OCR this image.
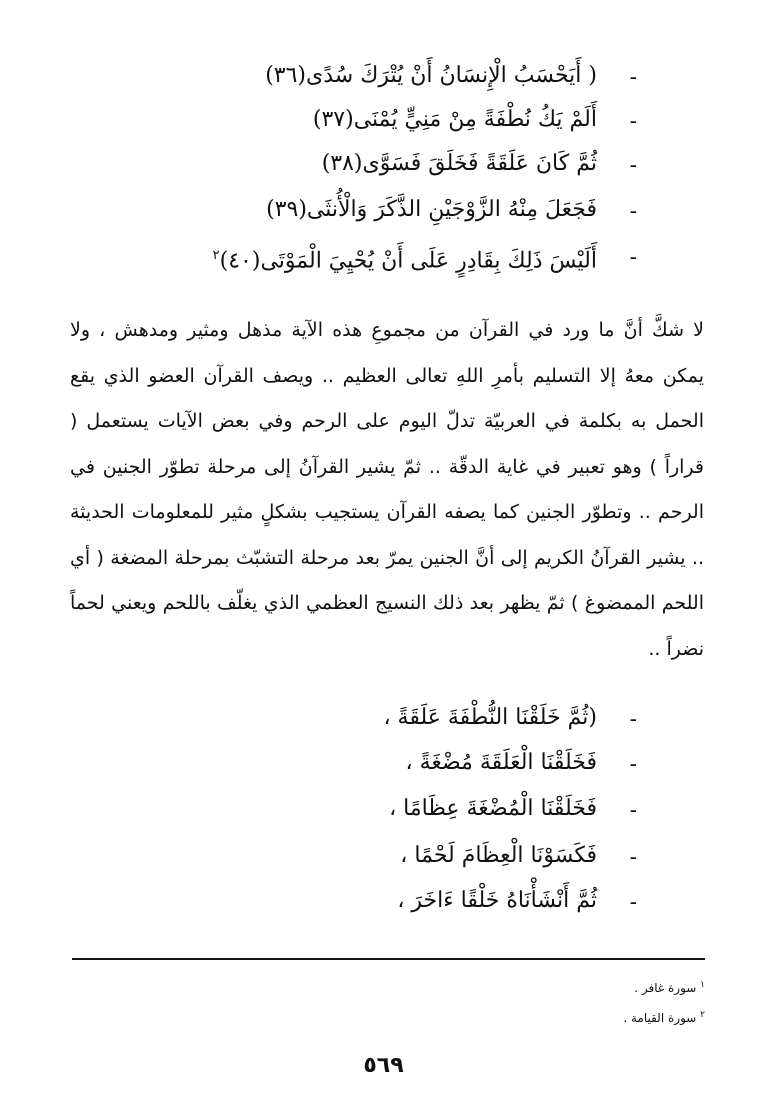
( أَيَحْسَبُ الْإِنسَانُ أَنْ يُتْرَكَ سُدًى(٣٦) -
أَلَمْ يَكُ نُطْفَةً مِنْ مَنِيٍّ يُمْنَى(٣٧) -
ثُمَّ كَانَ عَلَقَةً فَخَلَقَ فَسَوَّى(٣٨) -
فَجَعَلَ مِنْهُ الزَّوْجَيْنِ الذَّكَرَ وَالْأُنثَى(٣٩) -
أَلَيْسَ ذَلِكَ بِقَادِرٍ عَلَى أَنْ يُحْيِيَ الْمَوْتَى(٤٠)$^٢$	-

لا شكَّ أنَّ ما ورد في القرآن من مجموعِ هذه الآية مذهل ومثير ومدهش ، ولا يمكن معهُ إلا التسليم بأمرِ اللهِ تعالى العظيم .. ويصف القرآن العضو الذي يقع الحمل به بكلمة في العربيّة تدلّ اليوم على الرحم وفي بعض الآيات يستعمل ( قراراً ) وهو تعبير في غاية الدقّة .. ثمّ يشير القرآنُ إلى مرحلة تطوّر الجنين في الرحم .. وتطوّر الجنين كما يصفه القرآن يستجيب بشكلٍ مثير للمعلومات الحديثة .. يشير القرآنُ الكريم إلى أنَّ الجنين يمرّ بعد مرحلة التشبّث بمرحلة المضغة ( أي اللحم الممضوغ ) ثمّ يظهر بعد ذلك النسيج العظمي الذي يغلّف باللحم ويعني لحماً نضراً ..

(ثُمَّ خَلَقْنَا النُّطْفَةَ عَلَقَةً ، -
فَخَلَقْنَا الْعَلَقَةَ مُضْغَةً ، -
فَخَلَقْنَا الْمُضْغَةَ عِظَامًا ، -
فَكَسَوْنَا الْعِظَامَ لَحْمًا ، -
ثُمَّ أَنْشَأْنَاهُ خَلْقًا ءَاخَرَ ، -
$^١$ سورة غافر .
$^٢$ سورة القيامة .
٥٦٩
